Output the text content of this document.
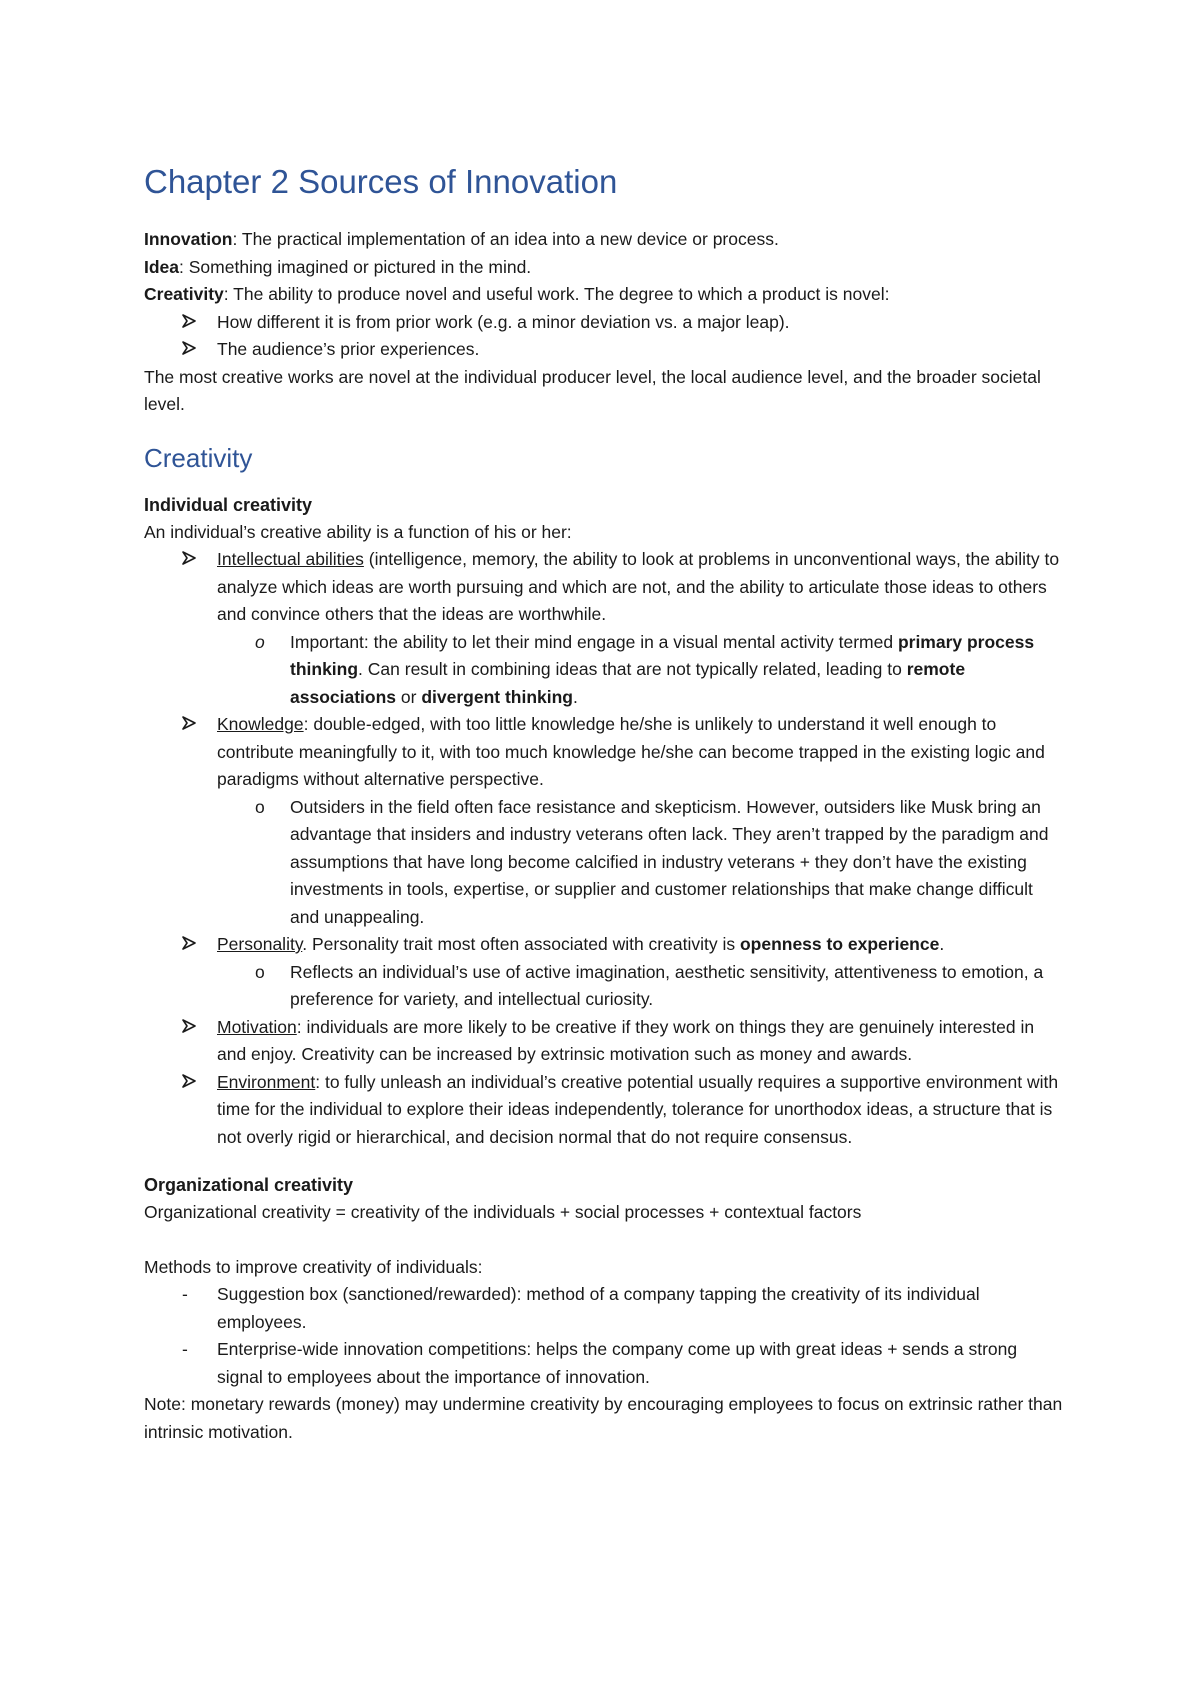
Chapter 2 Sources of Innovation

Innovation: The practical implementation of an idea into a new device or process.

Idea: Something imagined or pictured in the mind.

Creativity: The ability to produce novel and useful work. The degree to which a product is novel:

How different it is from prior work (e.g. a minor deviation vs. a major leap).
The audience’s prior experiences.

The most creative works are novel at the individual producer level, the local audience level, and the broader societal level.

Creativity
Individual creativity

An individual’s creative ability is a function of his or her:

Intellectual abilities (intelligence, memory, the ability to look at problems in unconventional ways, the ability to analyze which ideas are worth pursuing and which are not, and the ability to articulate those ideas to others and convince others that the ideas are worthwhile.
o Important: the ability to let their mind engage in a visual mental activity termed primary process thinking. Can result in combining ideas that are not typically related, leading to remote associations or divergent thinking.
Knowledge: double-edged, with too little knowledge he/she is unlikely to understand it well enough to contribute meaningfully to it, with too much knowledge he/she can become trapped in the existing logic and paradigms without alternative perspective.
o Outsiders in the field often face resistance and skepticism. However, outsiders like Musk bring an advantage that insiders and industry veterans often lack. They aren’t trapped by the paradigm and assumptions that have long become calcified in industry veterans + they don’t have the existing investments in tools, expertise, or supplier and customer relationships that make change difficult and unappealing.
Personality. Personality trait most often associated with creativity is openness to experience.
o Reflects an individual’s use of active imagination, aesthetic sensitivity, attentiveness to emotion, a preference for variety, and intellectual curiosity.
Motivation: individuals are more likely to be creative if they work on things they are genuinely interested in and enjoy. Creativity can be increased by extrinsic motivation such as money and awards.
Environment: to fully unleash an individual’s creative potential usually requires a supportive environment with time for the individual to explore their ideas independently, tolerance for unorthodox ideas, a structure that is not overly rigid or hierarchical, and decision normal that do not require consensus.
Organizational creativity

Organizational creativity = creativity of the individuals + social processes + contextual factors

Methods to improve creativity of individuals:

- Suggestion box (sanctioned/rewarded): method of a company tapping the creativity of its individual employees.
- Enterprise-wide innovation competitions: helps the company come up with great ideas + sends a strong signal to employees about the importance of innovation.

Note: monetary rewards (money) may undermine creativity by encouraging employees to focus on extrinsic rather than intrinsic motivation.
